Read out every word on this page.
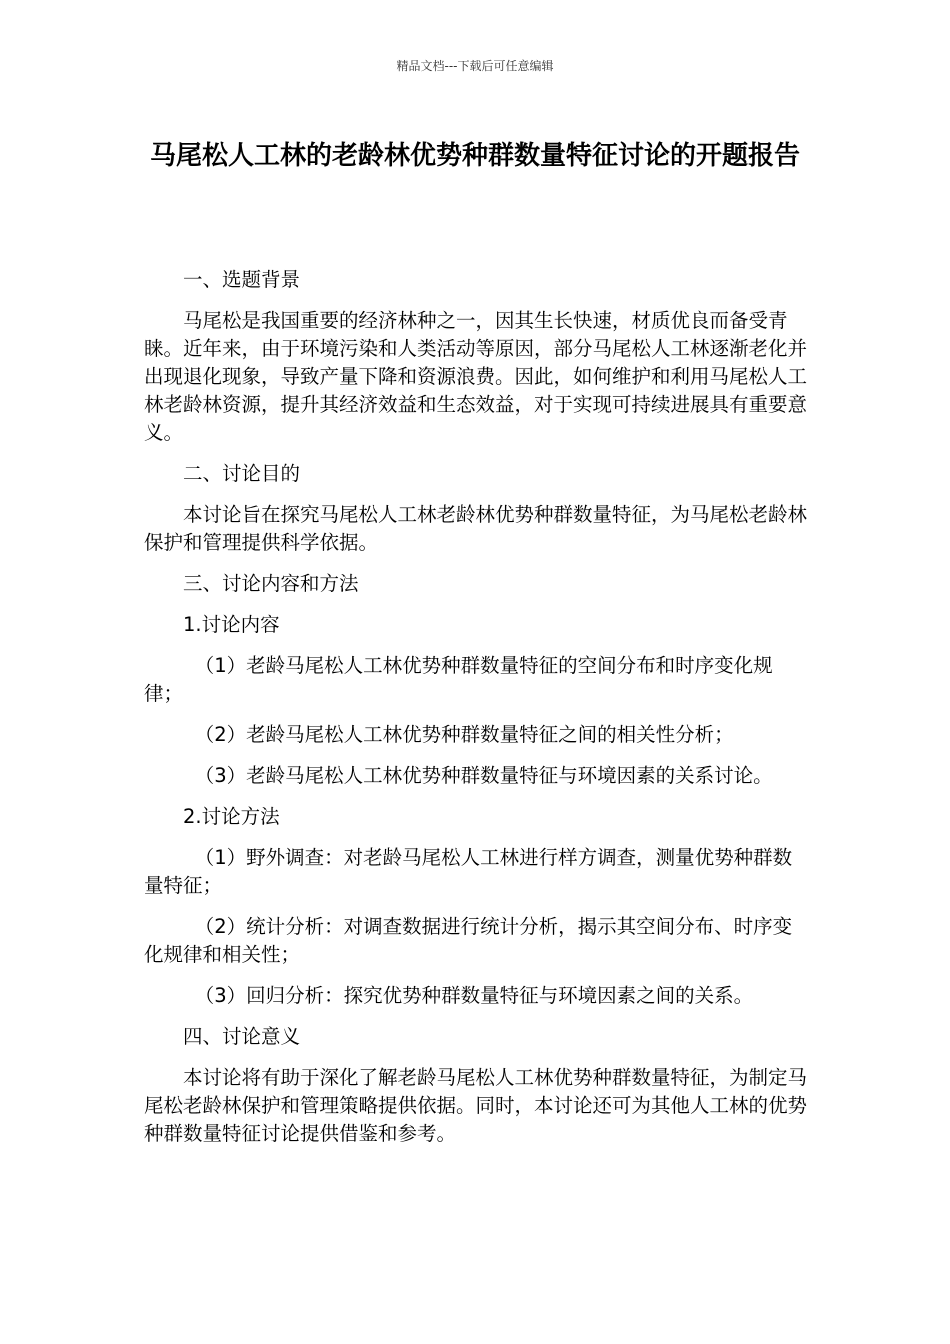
精品文档---下载后可任意编辑
马尾松人工林的老龄林优势种群数量特征讨论的开题报告

一、选题背景

马尾松是我国重要的经济林种之一，因其生长快速，材质优良而备受青睐。近年来，由于环境污染和人类活动等原因，部分马尾松人工林逐渐老化并出现退化现象，导致产量下降和资源浪费。因此，如何维护和利用马尾松人工林老龄林资源，提升其经济效益和生态效益，对于实现可持续进展具有重要意义。

二、讨论目的

本讨论旨在探究马尾松人工林老龄林优势种群数量特征，为马尾松老龄林保护和管理提供科学依据。

三、讨论内容和方法

1.讨论内容

（1）老龄马尾松人工林优势种群数量特征的空间分布和时序变化规律；

（2）老龄马尾松人工林优势种群数量特征之间的相关性分析；

（3）老龄马尾松人工林优势种群数量特征与环境因素的关系讨论。

2.讨论方法

（1）野外调查：对老龄马尾松人工林进行样方调查，测量优势种群数量特征；

（2）统计分析：对调查数据进行统计分析，揭示其空间分布、时序变化规律和相关性；

（3）回归分析：探究优势种群数量特征与环境因素之间的关系。

四、讨论意义

本讨论将有助于深化了解老龄马尾松人工林优势种群数量特征，为制定马尾松老龄林保护和管理策略提供依据。同时，本讨论还可为其他人工林的优势种群数量特征讨论提供借鉴和参考。
